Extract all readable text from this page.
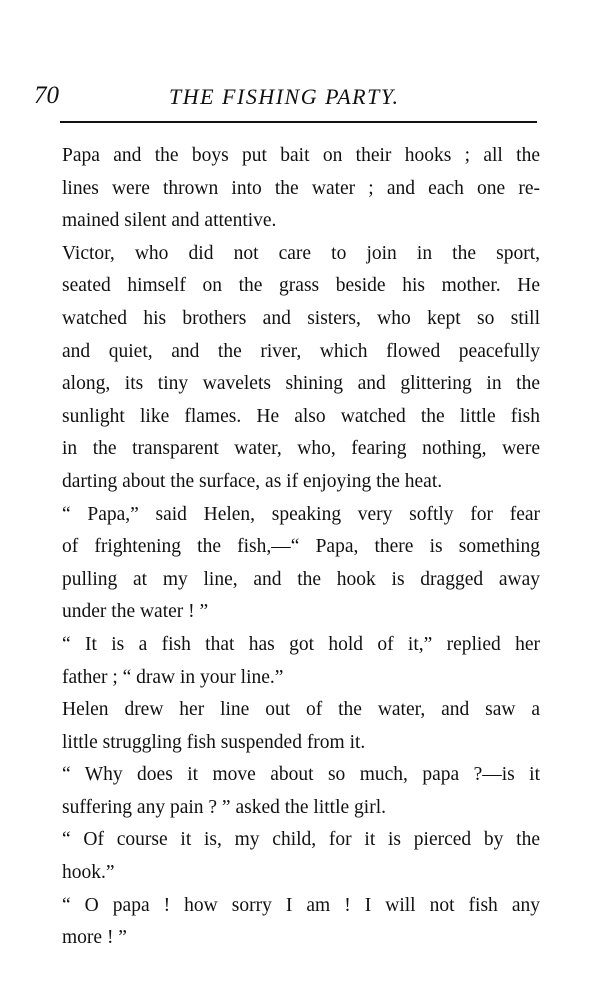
70	THE FISHING PARTY.
Papa and the boys put bait on their hooks ; all the
lines were thrown into the water ; and each one re-
mained silent and attentive.
Victor, who did not care to join in the sport,
seated himself on the grass beside his mother. He
watched his brothers and sisters, who kept so still
and quiet, and the river, which flowed peacefully
along, its tiny wavelets shining and glittering in the
sunlight like flames. He also watched the little fish
in the transparent water, who, fearing nothing, were
darting about the surface, as if enjoying the heat.
“ Papa,” said Helen, speaking very softly for fear
of frightening the fish,—“ Papa, there is something
pulling at my line, and the hook is dragged away
under the water ! ”
“ It is a fish that has got hold of it,” replied her
father ; “ draw in your line.”
Helen drew her line out of the water, and saw a
little struggling fish suspended from it.
“ Why does it move about so much, papa ?—is it
suffering any pain ? ” asked the little girl.
“ Of course it is, my child, for it is pierced by the
hook.”
“ O papa ! how sorry I am ! I will not fish any
more ! ”
